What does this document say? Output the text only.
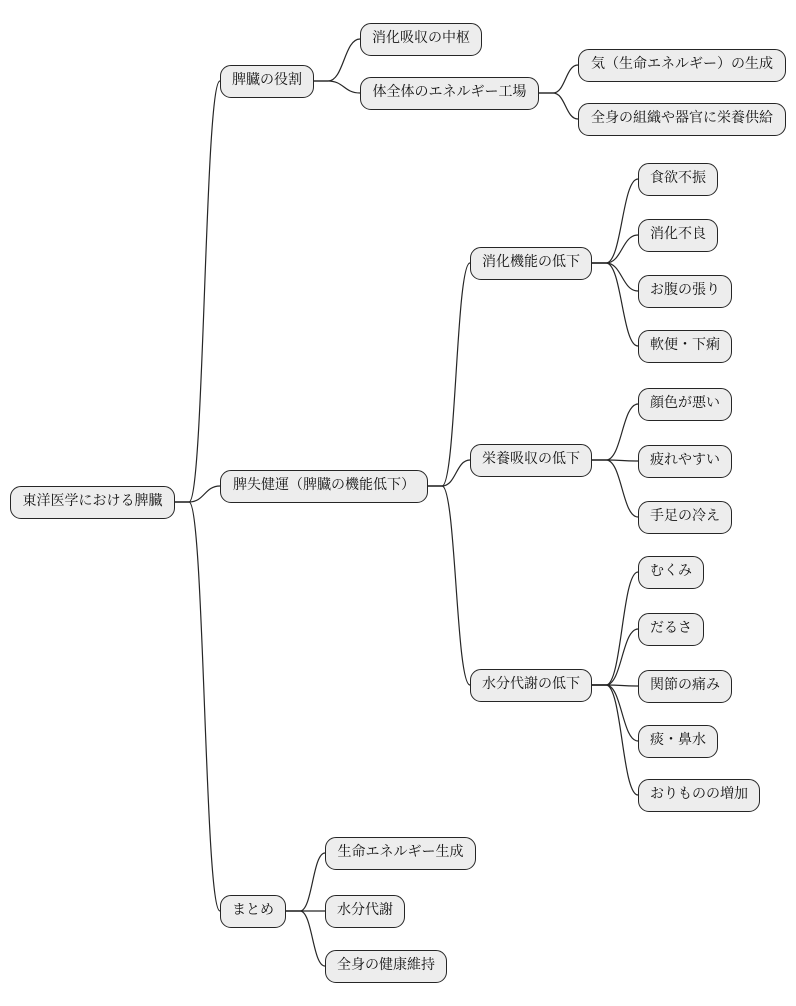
東洋医学における脾臓
脾臓の役割
消化吸収の中枢
体全体のエネルギー工場
気（生命エネルギー）の生成
全身の組織や器官に栄養供給
脾失健運（脾臓の機能低下）
消化機能の低下
食欲不振
消化不良
お腹の張り
軟便・下痢
栄養吸収の低下
顔色が悪い
疲れやすい
手足の冷え
水分代謝の低下
むくみ
だるさ
関節の痛み
痰・鼻水
おりものの増加
まとめ
生命エネルギー生成
水分代謝
全身の健康維持
